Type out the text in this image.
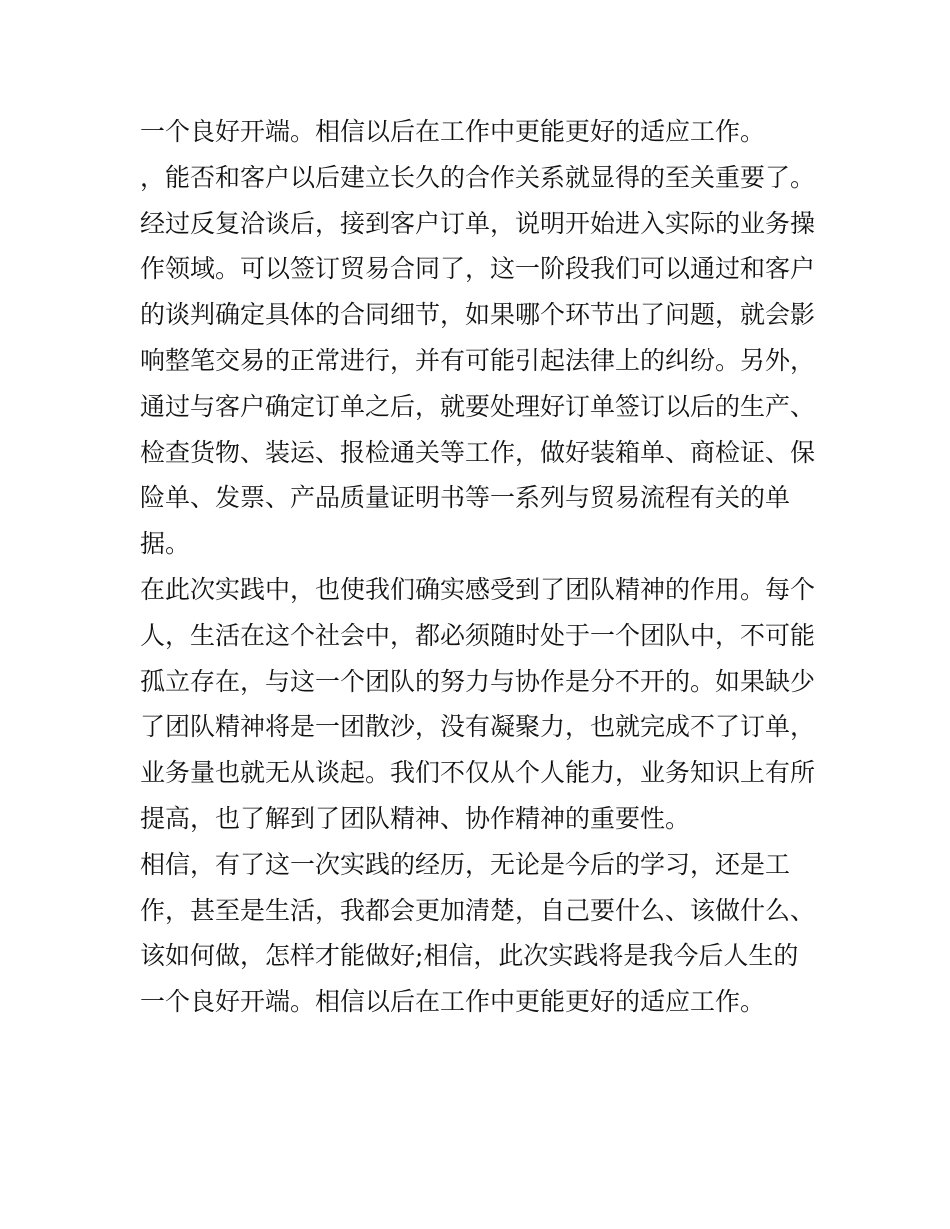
一个良好开端。相信以后在工作中更能更好的适应工作。
，能否和客户以后建立长久的合作关系就显得的至关重要了。
经过反复洽谈后，接到客户订单，说明开始进入实际的业务操
作领域。可以签订贸易合同了，这一阶段我们可以通过和客户
的谈判确定具体的合同细节，如果哪个环节出了问题，就会影
响整笔交易的正常进行，并有可能引起法律上的纠纷。另外，
通过与客户确定订单之后，就要处理好订单签订以后的生产、
检查货物、装运、报检通关等工作，做好装箱单、商检证、保
险单、发票、产品质量证明书等一系列与贸易流程有关的单
据。
在此次实践中，也使我们确实感受到了团队精神的作用。每个
人，生活在这个社会中，都必须随时处于一个团队中，不可能
孤立存在，与这一个团队的努力与协作是分不开的。如果缺少
了团队精神将是一团散沙，没有凝聚力，也就完成不了订单，
业务量也就无从谈起。我们不仅从个人能力，业务知识上有所
提高，也了解到了团队精神、协作精神的重要性。
相信，有了这一次实践的经历，无论是今后的学习，还是工
作，甚至是生活，我都会更加清楚，自己要什么、该做什么、
该如何做，怎样才能做好;相信，此次实践将是我今后人生的
一个良好开端。相信以后在工作中更能更好的适应工作。
